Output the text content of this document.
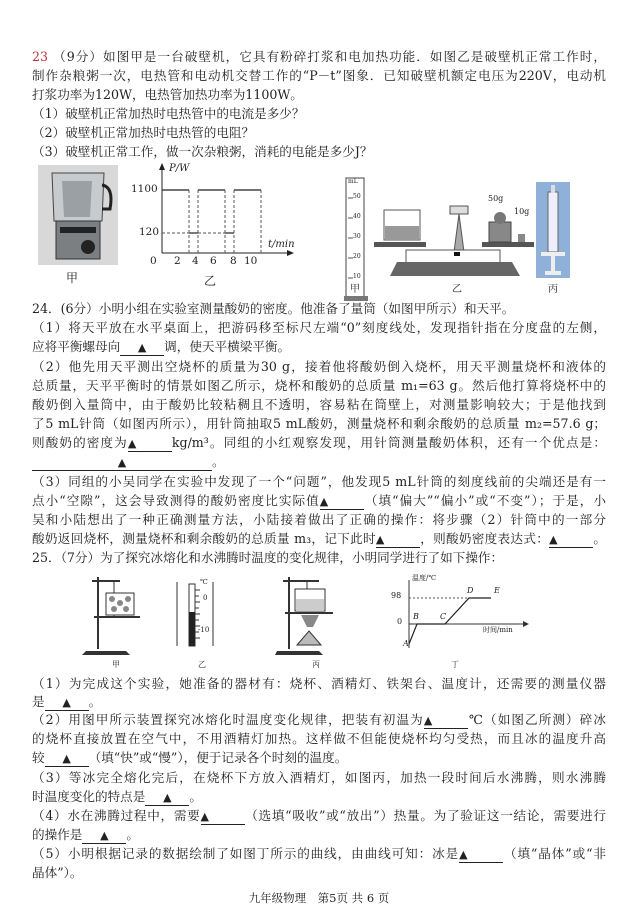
23 （9分）如图甲是一台破壁机，它具有粉碎打浆和电加热功能．如图乙是破壁机正常工作时，
制作杂粮粥一次，电热管和电动机交替工作的“P－t”图象．已知破壁机额定电压为220V，电动机
打浆功率为120W，电热管加热功率为1100W。
（1）破壁机正常加热时电热管中的电流是多少？
（2）破壁机正常加热时电热管的电阻？
（3）破壁机正常工作，做一次杂粮粥，消耗的电能是多少J？
甲
P/W
1100
120
t/min
0 2 4 6 8 10
乙
mL
50
40
30
20
10
50g
10g
甲	乙	丙
24．(6分）小明小组在实验室测量酸奶的密度。他准备了量筒（如图甲所示）和天平。
（1）将天平放在水平桌面上，把游码移至标尺左端“0”刻度线处，发现指针指在分度盘的左侧，
应将平衡螺母向 ▲ 调，使天平横梁平衡。
（2）他先用天平测出空烧杯的质量为30 g，接着他将酸奶倒入烧杯，用天平测量烧杯和液体的
总质量，天平平衡时的情景如图乙所示，烧杯和酸奶的总质量 m₁=63 g。然后他打算将烧杯中的
酸奶倒入量筒中，由于酸奶比较粘稠且不透明，容易粘在筒壁上，对测量影响较大；于是他找到
了5 mL针筒（如图丙所示），用针筒抽取5 mL酸奶，测量烧杯和剩余酸奶的总质量 m₂=57.6 g；
则酸奶的密度为▲	kg/m³。同组的小红观察发现，用针筒测量酸奶体积，还有一个优点是：
▲	。
（3）同组的小吴同学在实验中发现了一个“问题”，他发现5 mL针筒的刻度线前的尖端还是有一
点小“空隙”，这会导致测得的酸奶密度比实际值▲	（填“偏大”“偏小”或“不变”）；于是，小
吴和小陆想出了一种正确测量方法，小陆接着做出了正确的操作：将步骤（2）针筒中的一部分
酸奶返回烧杯，测量烧杯和剩余酸奶的总质量 m₃，记下此时▲	，则酸奶密度表达式：▲	。
25．（7分）为了探究冰熔化和水沸腾时温度的变化规律，小明同学进行了如下操作：
℃
0
-10
温度/℃
98
0
时间/min
A
B	C
D	E
甲	乙	丙	丁
（1）为完成这个实验，她准备的器材有：烧杯、酒精灯、铁架台、温度计，还需要的测量仪器
是 ▲ 。
（2）用图甲所示装置探究冰熔化时温度变化规律，把装有初温为▲	℃（如图乙所测）碎冰
的烧杯直接放置在空气中，不用酒精灯加热。这样做不但能使烧杯均匀受热，而且冰的温度升高
较 ▲ （填“快”或“慢”），便于记录各个时刻的温度。
（3）等冰完全熔化完后，在烧杯下方放入酒精灯，如图丙，加热一段时间后水沸腾，则水沸腾
时温度变化的特点是 ▲ 。
（4）水在沸腾过程中，需要▲	（选填“吸收”或“放出”）热量。为了验证这一结论，需要进行
的操作是 ▲ 。
（5）小明根据记录的数据绘制了如图丁所示的曲线，由曲线可知：冰是▲	（填“晶体”或“非
晶体”）。
九年级物理　第5页 共 6 页
